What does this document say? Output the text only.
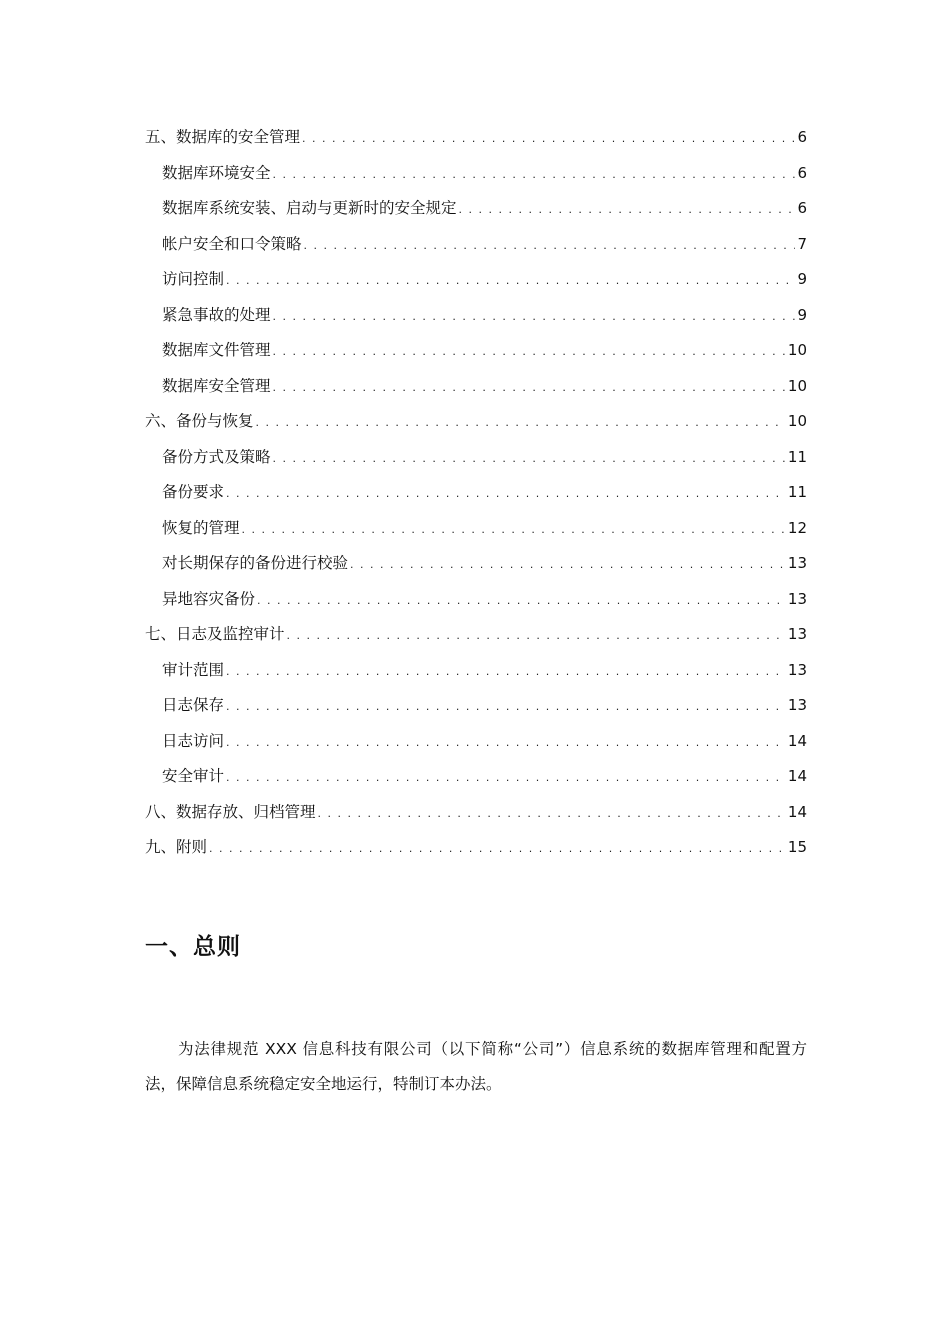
五、数据库的安全管理 . . .	6
数据库环境安全 . . .	6
数据库系统安装、启动与更新时的安全规定 . . .	6
帐户安全和口令策略 . . .	7
访问控制 . . .	9
紧急事故的处理 . . .	9
数据库文件管理 . . .	10
数据库安全管理 . . .	10
六、备份与恢复 . . .	10
备份方式及策略 . . .	11
备份要求 . . .	11
恢复的管理 . . .	12
对长期保存的备份进行校验 . . .	13
异地容灾备份 . . .	13
七、日志及监控审计 . . .	13
审计范围 . . .	13
日志保存 . . .	13
日志访问 . . .	14
安全审计 . . .	14
八、数据存放、归档管理 . . .	14
九、附则 . . .	15
一、总则

为法律规范 XXX 信息科技有限公司（以下简称“公司”）信息系统的数据库管理和配置方法，保障信息系统稳定安全地运行，特制订本办法。
